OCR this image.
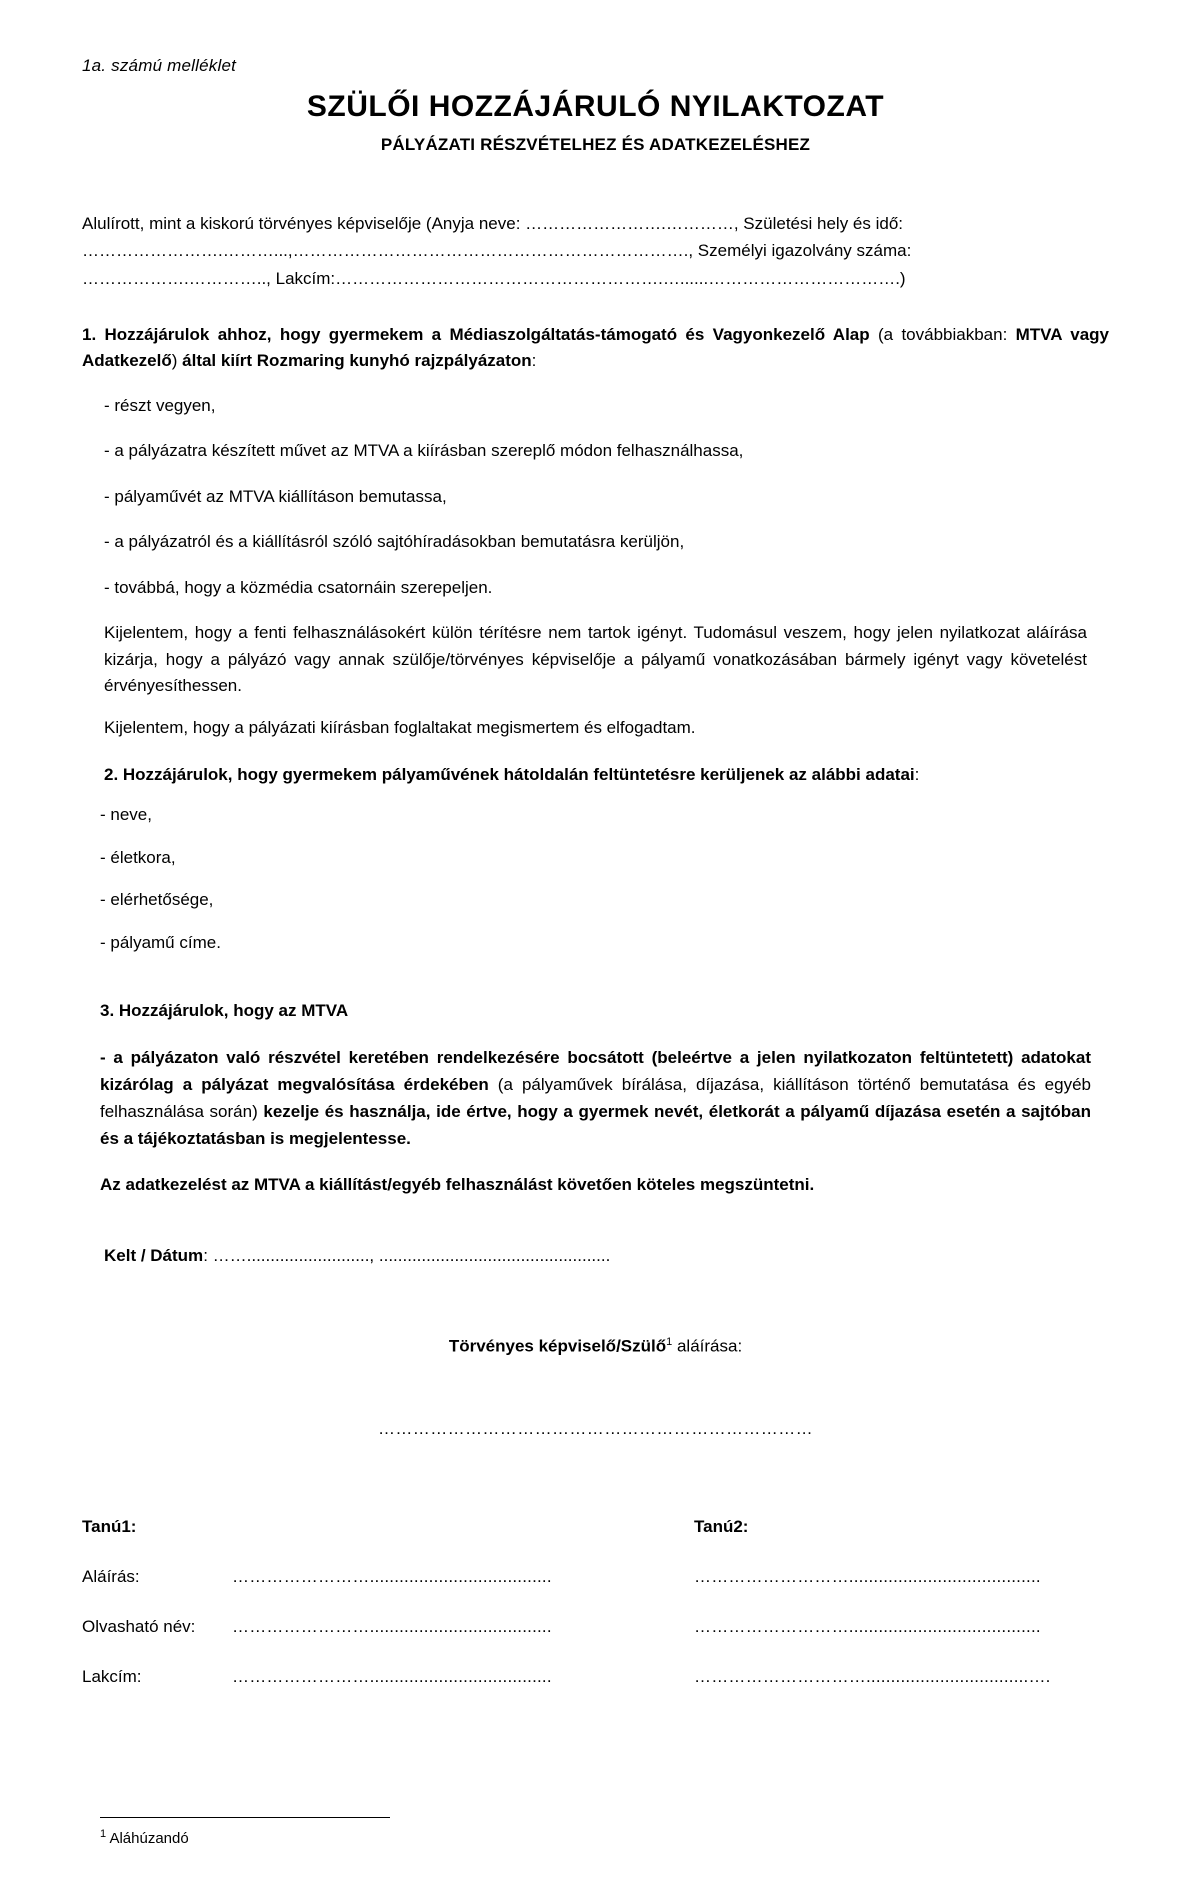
1a. számú melléklet
SZÜLŐI HOZZÁJÁRULÓ NYILAKTOZAT
PÁLYÁZATI RÉSZVÉTELHEZ ÉS ADATKEZELÉSHEZ
Alulírott, mint a kiskorú törvényes képviselője (Anyja neve: …………………….…………, Születési hely és idő:
…………………….………...,……………………………………………………………., Személyi igazolvány száma:
……………….………….., Lakcím:………………………………………………….…......…………………………….)
1. Hozzájárulok ahhoz, hogy gyermekem a Médiaszolgáltatás-támogató és Vagyonkezelő Alap (a továbbiakban: MTVA vagy Adatkezelő) által kiírt Rozmaring kunyhó rajzpályázaton:
- részt vegyen,
- a pályázatra készített művet az MTVA a kiírásban szereplő módon felhasználhassa,
- pályaművét az MTVA kiállításon bemutassa,
- a pályázatról és a kiállításról szóló sajtóhíradásokban bemutatásra kerüljön,
- továbbá, hogy a közmédia csatornáin szerepeljen.

Kijelentem, hogy a fenti felhasználásokért külön térítésre nem tartok igényt. Tudomásul veszem, hogy jelen nyilatkozat aláírása kizárja, hogy a pályázó vagy annak szülője/törvényes képviselője a pályamű vonatkozásában bármely igényt vagy követelést érvényesíthessen.

Kijelentem, hogy a pályázati kiírásban foglaltakat megismertem és elfogadtam.

2. Hozzájárulok, hogy gyermekem pályaművének hátoldalán feltüntetésre kerüljenek az alábbi adatai:
- neve,
- életkora,
- elérhetősége,
- pályamű címe.
3. Hozzájárulok, hogy az MTVA
- a pályázaton való részvétel keretében rendelkezésére bocsátott (beleértve a jelen nyilatkozaton feltüntetett) adatokat kizárólag a pályázat megvalósítása érdekében (a pályaművek bírálása, díjazása, kiállításon történő bemutatása és egyéb felhasználása során) kezelje és használja, ide értve, hogy a gyermek nevét, életkorát a pályamű díjazása esetén a sajtóban és a tájékoztatásban is megjelentesse.
Az adatkezelést az MTVA a kiállítást/egyéb felhasználást követően köteles megszüntetni.
Kelt / Dátum: …….........................., .................................................
Törvényes képviselő/Szülő$^1$ aláírása:
…………………………………………………………………
Tanú1:	Tanú2:
Aláírás:	…………………….....................................	……………………….......................................
Olvasható név:	…………………….....................................	……………………….......................................
Lakcím:	…………………….....................................	………………………….................................….
$^1$ Aláhúzandó
